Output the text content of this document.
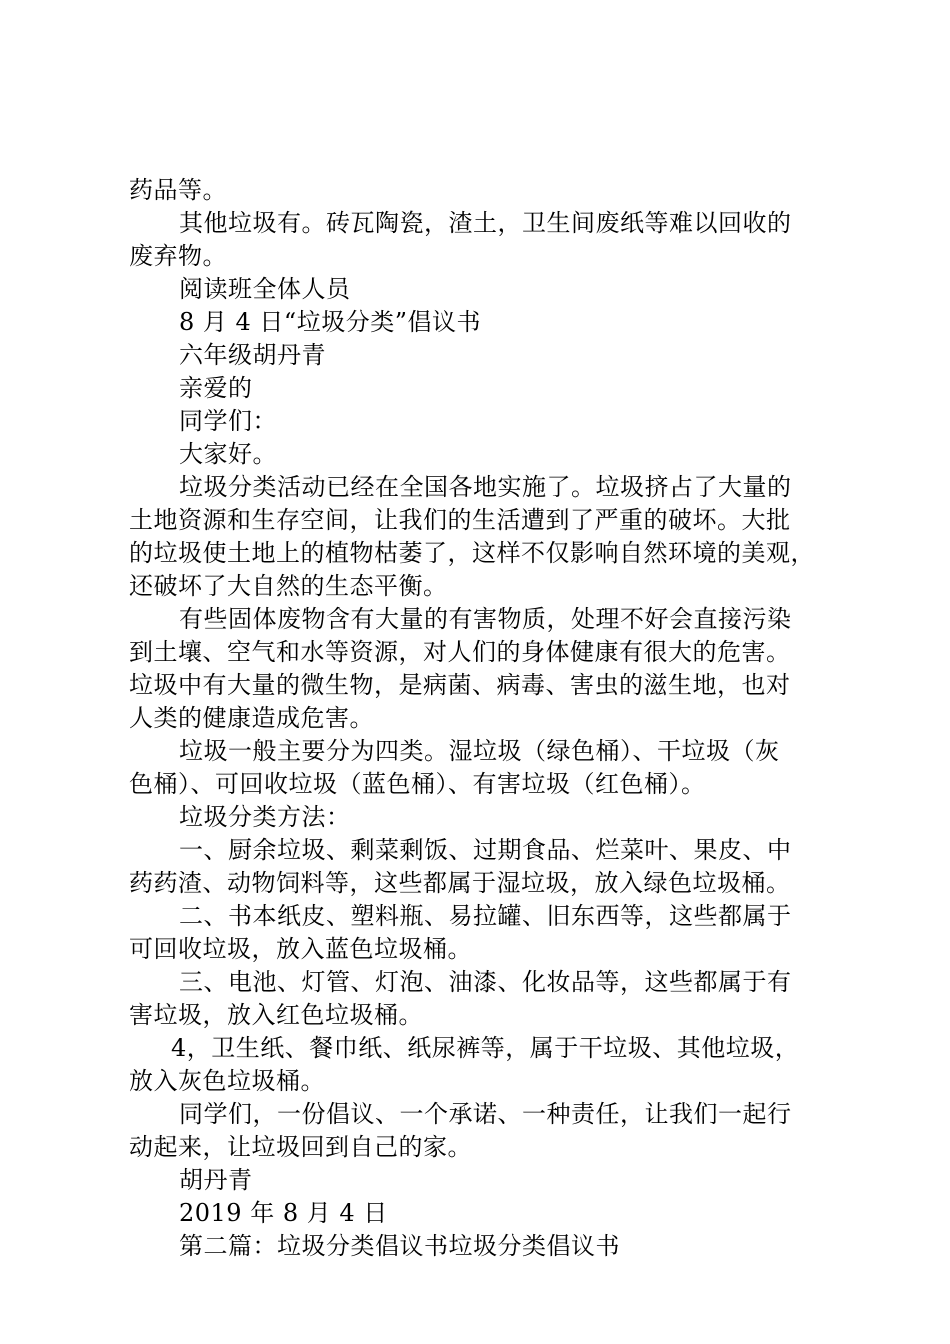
药品等。
其他垃圾有。砖瓦陶瓷，渣土，卫生间废纸等难以回收的
废弃物。
阅读班全体人员
8 月 4 日“垃圾分类”倡议书
六年级胡丹青
亲爱的
同学们：
大家好。
垃圾分类活动已经在全国各地实施了。垃圾挤占了大量的
土地资源和生存空间，让我们的生活遭到了严重的破坏。大批
的垃圾使土地上的植物枯萎了，这样不仅影响自然环境的美观，
还破坏了大自然的生态平衡。
有些固体废物含有大量的有害物质，处理不好会直接污染
到土壤、空气和水等资源，对人们的身体健康有很大的危害。
垃圾中有大量的微生物，是病菌、病毒、害虫的滋生地，也对
人类的健康造成危害。
垃圾一般主要分为四类。湿垃圾（绿色桶）、干垃圾（灰
色桶）、可回收垃圾（蓝色桶）、有害垃圾（红色桶）。
垃圾分类方法：
一、厨余垃圾、剩菜剩饭、过期食品、烂菜叶、果皮、中
药药渣、动物饲料等，这些都属于湿垃圾，放入绿色垃圾桶。
二、书本纸皮、塑料瓶、易拉罐、旧东西等，这些都属于
可回收垃圾，放入蓝色垃圾桶。
三、电池、灯管、灯泡、油漆、化妆品等，这些都属于有
害垃圾，放入红色垃圾桶。
4，卫生纸、餐巾纸、纸尿裤等，属于干垃圾、其他垃圾，
放入灰色垃圾桶。
同学们，一份倡议、一个承诺、一种责任，让我们一起行
动起来，让垃圾回到自己的家。
胡丹青
2019 年 8 月 4 日
第二篇：垃圾分类倡议书垃圾分类倡议书
